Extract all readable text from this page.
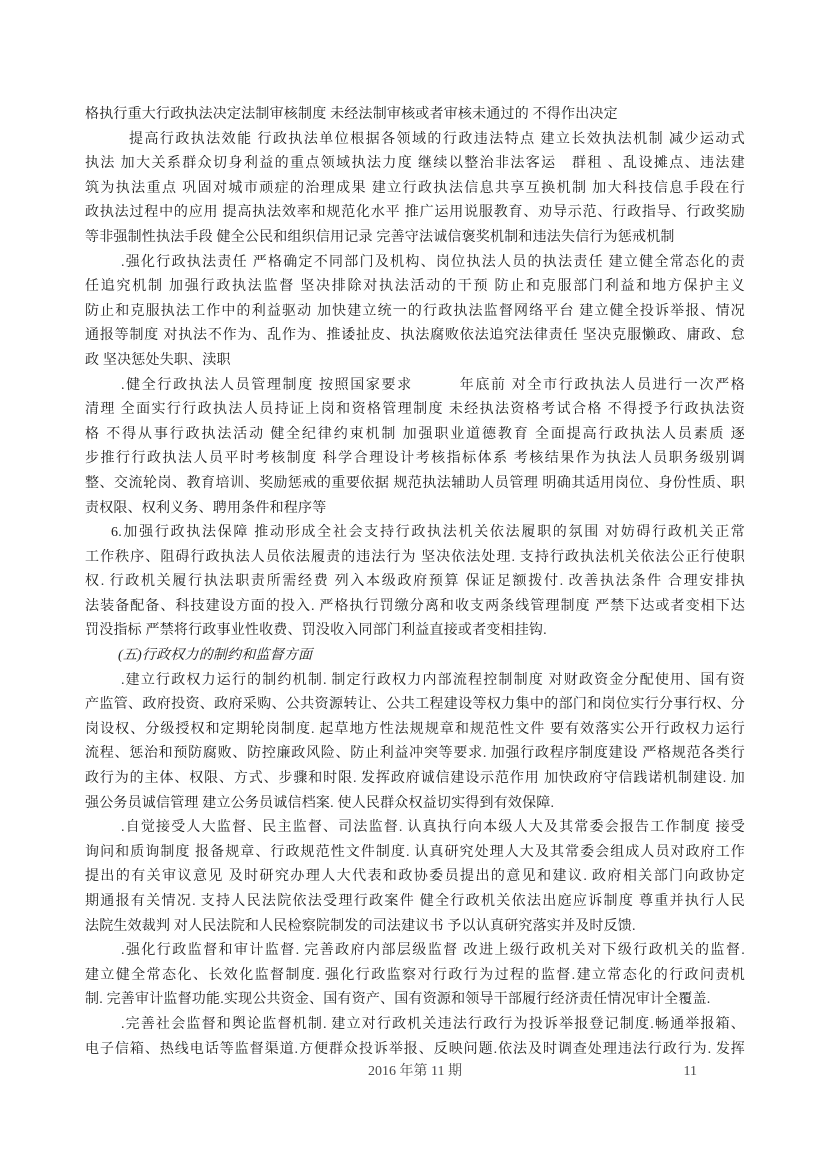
格执行重大行政执法决定法制审核制度 未经法制审核或者审核未通过的 不得作出决定
提高行政执法效能 行政执法单位根据各领域的行政违法特点 建立长效执法机制 减少运动式
执法 加大关系群众切身利益的重点领域执法力度 继续以整治非法客运　群租 、乱设摊点、违法建
筑为执法重点 巩固对城市顽症的治理成果 建立行政执法信息共享互换机制 加大科技信息手段在行
政执法过程中的应用 提高执法效率和规范化水平 推广运用说服教育、劝导示范、行政指导、行政奖励
等非强制性执法手段 健全公民和组织信用记录 完善守法诚信褒奖机制和违法失信行为惩戒机制
.强化行政执法责任 严格确定不同部门及机构、岗位执法人员的执法责任 建立健全常态化的责
任追究机制 加强行政执法监督 坚决排除对执法活动的干预 防止和克服部门利益和地方保护主义
防止和克服执法工作中的利益驱动 加快建立统一的行政执法监督网络平台 建立健全投诉举报、情况
通报等制度 对执法不作为、乱作为、推诿扯皮、执法腐败依法追究法律责任 坚决克服懒政、庸政、怠
政 坚决惩处失职、渎职
.健全行政执法人员管理制度 按照国家要求　　　年底前 对全市行政执法人员进行一次严格
清理 全面实行行政执法人员持证上岗和资格管理制度 未经执法资格考试合格 不得授予行政执法资
格 不得从事行政执法活动 健全纪律约束机制 加强职业道德教育 全面提高行政执法人员素质 逐
步推行行政执法人员平时考核制度 科学合理设计考核指标体系 考核结果作为执法人员职务级别调
整、交流轮岗、教育培训、奖励惩戒的重要依据 规范执法辅助人员管理 明确其适用岗位、身份性质、职
责权限、权利义务、聘用条件和程序等
6.加强行政执法保障 推动形成全社会支持行政执法机关依法履职的氛围 对妨碍行政机关正常
工作秩序、阻碍行政执法人员依法履责的违法行为 坚决依法处理. 支持行政执法机关依法公正行使职
权. 行政机关履行执法职责所需经费 列入本级政府预算 保证足额拨付. 改善执法条件 合理安排执
法装备配备、科技建设方面的投入. 严格执行罚缴分离和收支两条线管理制度 严禁下达或者变相下达
罚没指标 严禁将行政事业性收费、罚没收入同部门利益直接或者变相挂钩.
(五)行政权力的制约和监督方面
.建立行政权力运行的制约机制. 制定行政权力内部流程控制制度 对财政资金分配使用、国有资
产监管、政府投资、政府采购、公共资源转让、公共工程建设等权力集中的部门和岗位实行分事行权、分
岗设权、分级授权和定期轮岗制度. 起草地方性法规规章和规范性文件 要有效落实公开行政权力运行
流程、惩治和预防腐败、防控廉政风险、防止利益冲突等要求. 加强行政程序制度建设 严格规范各类行
政行为的主体、权限、方式、步骤和时限. 发挥政府诚信建设示范作用 加快政府守信践诺机制建设. 加
强公务员诚信管理 建立公务员诚信档案. 使人民群众权益切实得到有效保障.
.自觉接受人大监督、民主监督、司法监督. 认真执行向本级人大及其常委会报告工作制度 接受
询问和质询制度 报备规章、行政规范性文件制度. 认真研究处理人大及其常委会组成人员对政府工作
提出的有关审议意见 及时研究办理人大代表和政协委员提出的意见和建议. 政府相关部门向政协定
期通报有关情况. 支持人民法院依法受理行政案件 健全行政机关依法出庭应诉制度 尊重并执行人民
法院生效裁判 对人民法院和人民检察院制发的司法建议书 予以认真研究落实并及时反馈.
.强化行政监督和审计监督. 完善政府内部层级监督 改进上级行政机关对下级行政机关的监督.
建立健全常态化、长效化监督制度. 强化行政监察对行政行为过程的监督.建立常态化的行政问责机
制. 完善审计监督功能.实现公共资金、国有资产、国有资源和领导干部履行经济责任情况审计全覆盖.
.完善社会监督和舆论监督机制. 建立对行政机关违法行政行为投诉举报登记制度.畅通举报箱、
电子信箱、热线电话等监督渠道.方便群众投诉举报、反映问题.依法及时调查处理违法行政行为. 发挥
2016 年第 11 期	11
